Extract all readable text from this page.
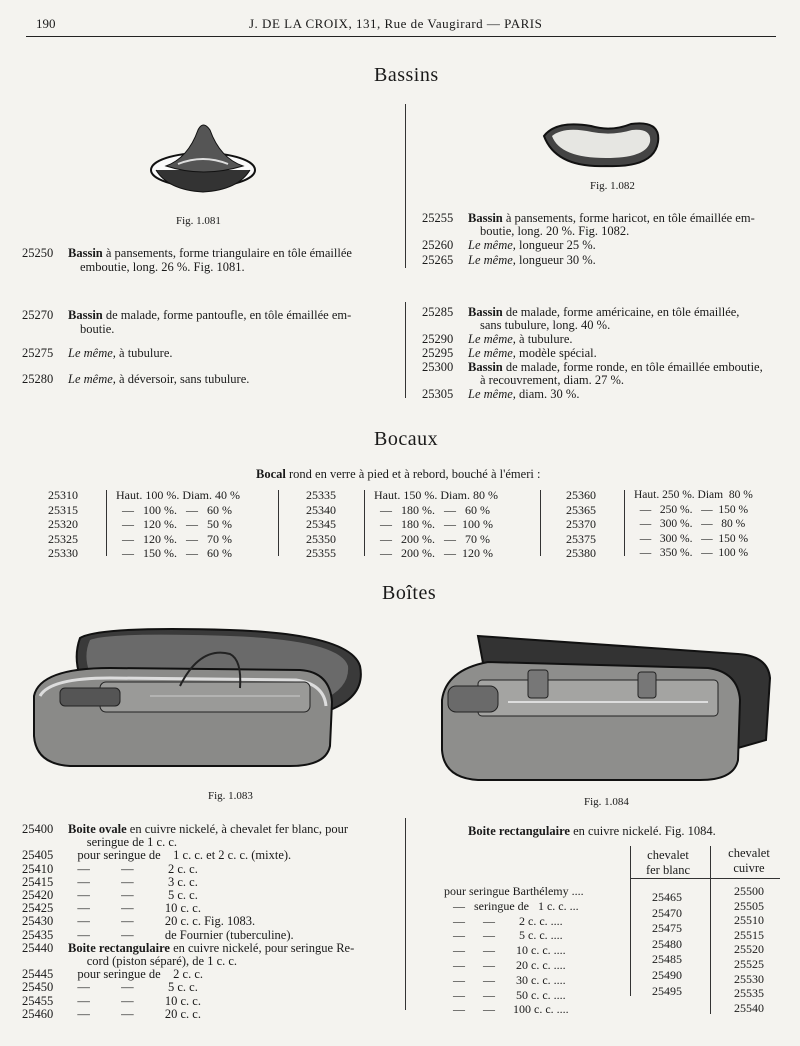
190	J. DE LA CROIX, 131, Rue de Vaugirard — PARIS
Bassins
Fig. 1.081
Fig. 1.082
25250 Bassin à pansements, forme triangulaire en tôle émaillée
emboutie, long. 26 %. Fig. 1081.
25255 Bassin à pansements, forme haricot, en tôle émaillée em-
boutie, long. 20 %. Fig. 1082.
25260 Le même, longueur 25 %.
25265 Le même, longueur 30 %.
25270 Bassin de malade, forme pantoufle, en tôle émaillée em-
boutie.
25275 Le même, à tubulure.
25280 Le même, à déversoir, sans tubulure.
25285 Bassin de malade, forme américaine, en tôle émaillée,
sans tubulure, long. 40 %.
25290 Le même, à tubulure.
25295 Le même, modèle spécial.
25300 Bassin de malade, forme ronde, en tôle émaillée emboutie,
à recouvrement, diam. 27 %.
25305 Le même, diam. 30 %.
Bocaux
Bocal rond en verre à pied et à rebord, bouché à l'émeri :
25310
25315
25320
25325
25330
Haut. 100 %. Diam. 40 %
—   100 %.   —   60 %
—   120 %.   —   50 %
—   120 %.   —   70 %
—   150 %.   —   60 %
25335
25340
25345
25350
25355
Haut. 150 %. Diam. 80 %
—   180 %.   —   60 %
—   180 %.   —  100 %
—   200 %.   —   70 %
—   200 %.   —  120 %
25360
25365
25370
25375
25380
Haut. 250 %. Diam  80 %
—   250 %.   —  150 %
—   300 %.   —   80 %
—   300 %.   —  150 %
—   350 %.   —  100 %
Boîtes
Fig. 1.083	Fig. 1.084
25400 Boite ovale en cuivre nickelé, à chevalet fer blanc, pour
seringue de 1 c. c.
25405 pour seringue de    1 c. c. et 2 c. c. (mixte).
25410 —          —           2 c. c.
25415 —          —           3 c. c.
25420 —          —           5 c. c.
25425 —          —          10 c. c.
25430 —          —          20 c. c. Fig. 1083.
25435 —          —          de Fournier (tuberculine).
25440 Boite rectangulaire en cuivre nickelé, pour seringue Re-
cord (piston séparé), de 1 c. c.
25445 pour seringue de    2 c. c.
25450 —          —           5 c. c.
25455 —          —          10 c. c.
25460 —          —          20 c. c.
Boite rectangulaire en cuivre nickelé. Fig. 1084.
chevalet
fer blanc
chevalet
cuivre
pour seringue Barthélemy ....
—   seringue de   1 c. c. ...
—      —        2 c. c. ....
—      —        5 c. c. ....
—      —       10 c. c. ....
—      —       20 c. c. ....
—      —       30 c. c. ....
—      —       50 c. c. ....
—      —      100 c. c. ....
25465
25470
25475
25480
25485
25490
25495
25500
25505
25510
25515
25520
25525
25530
25535
25540
